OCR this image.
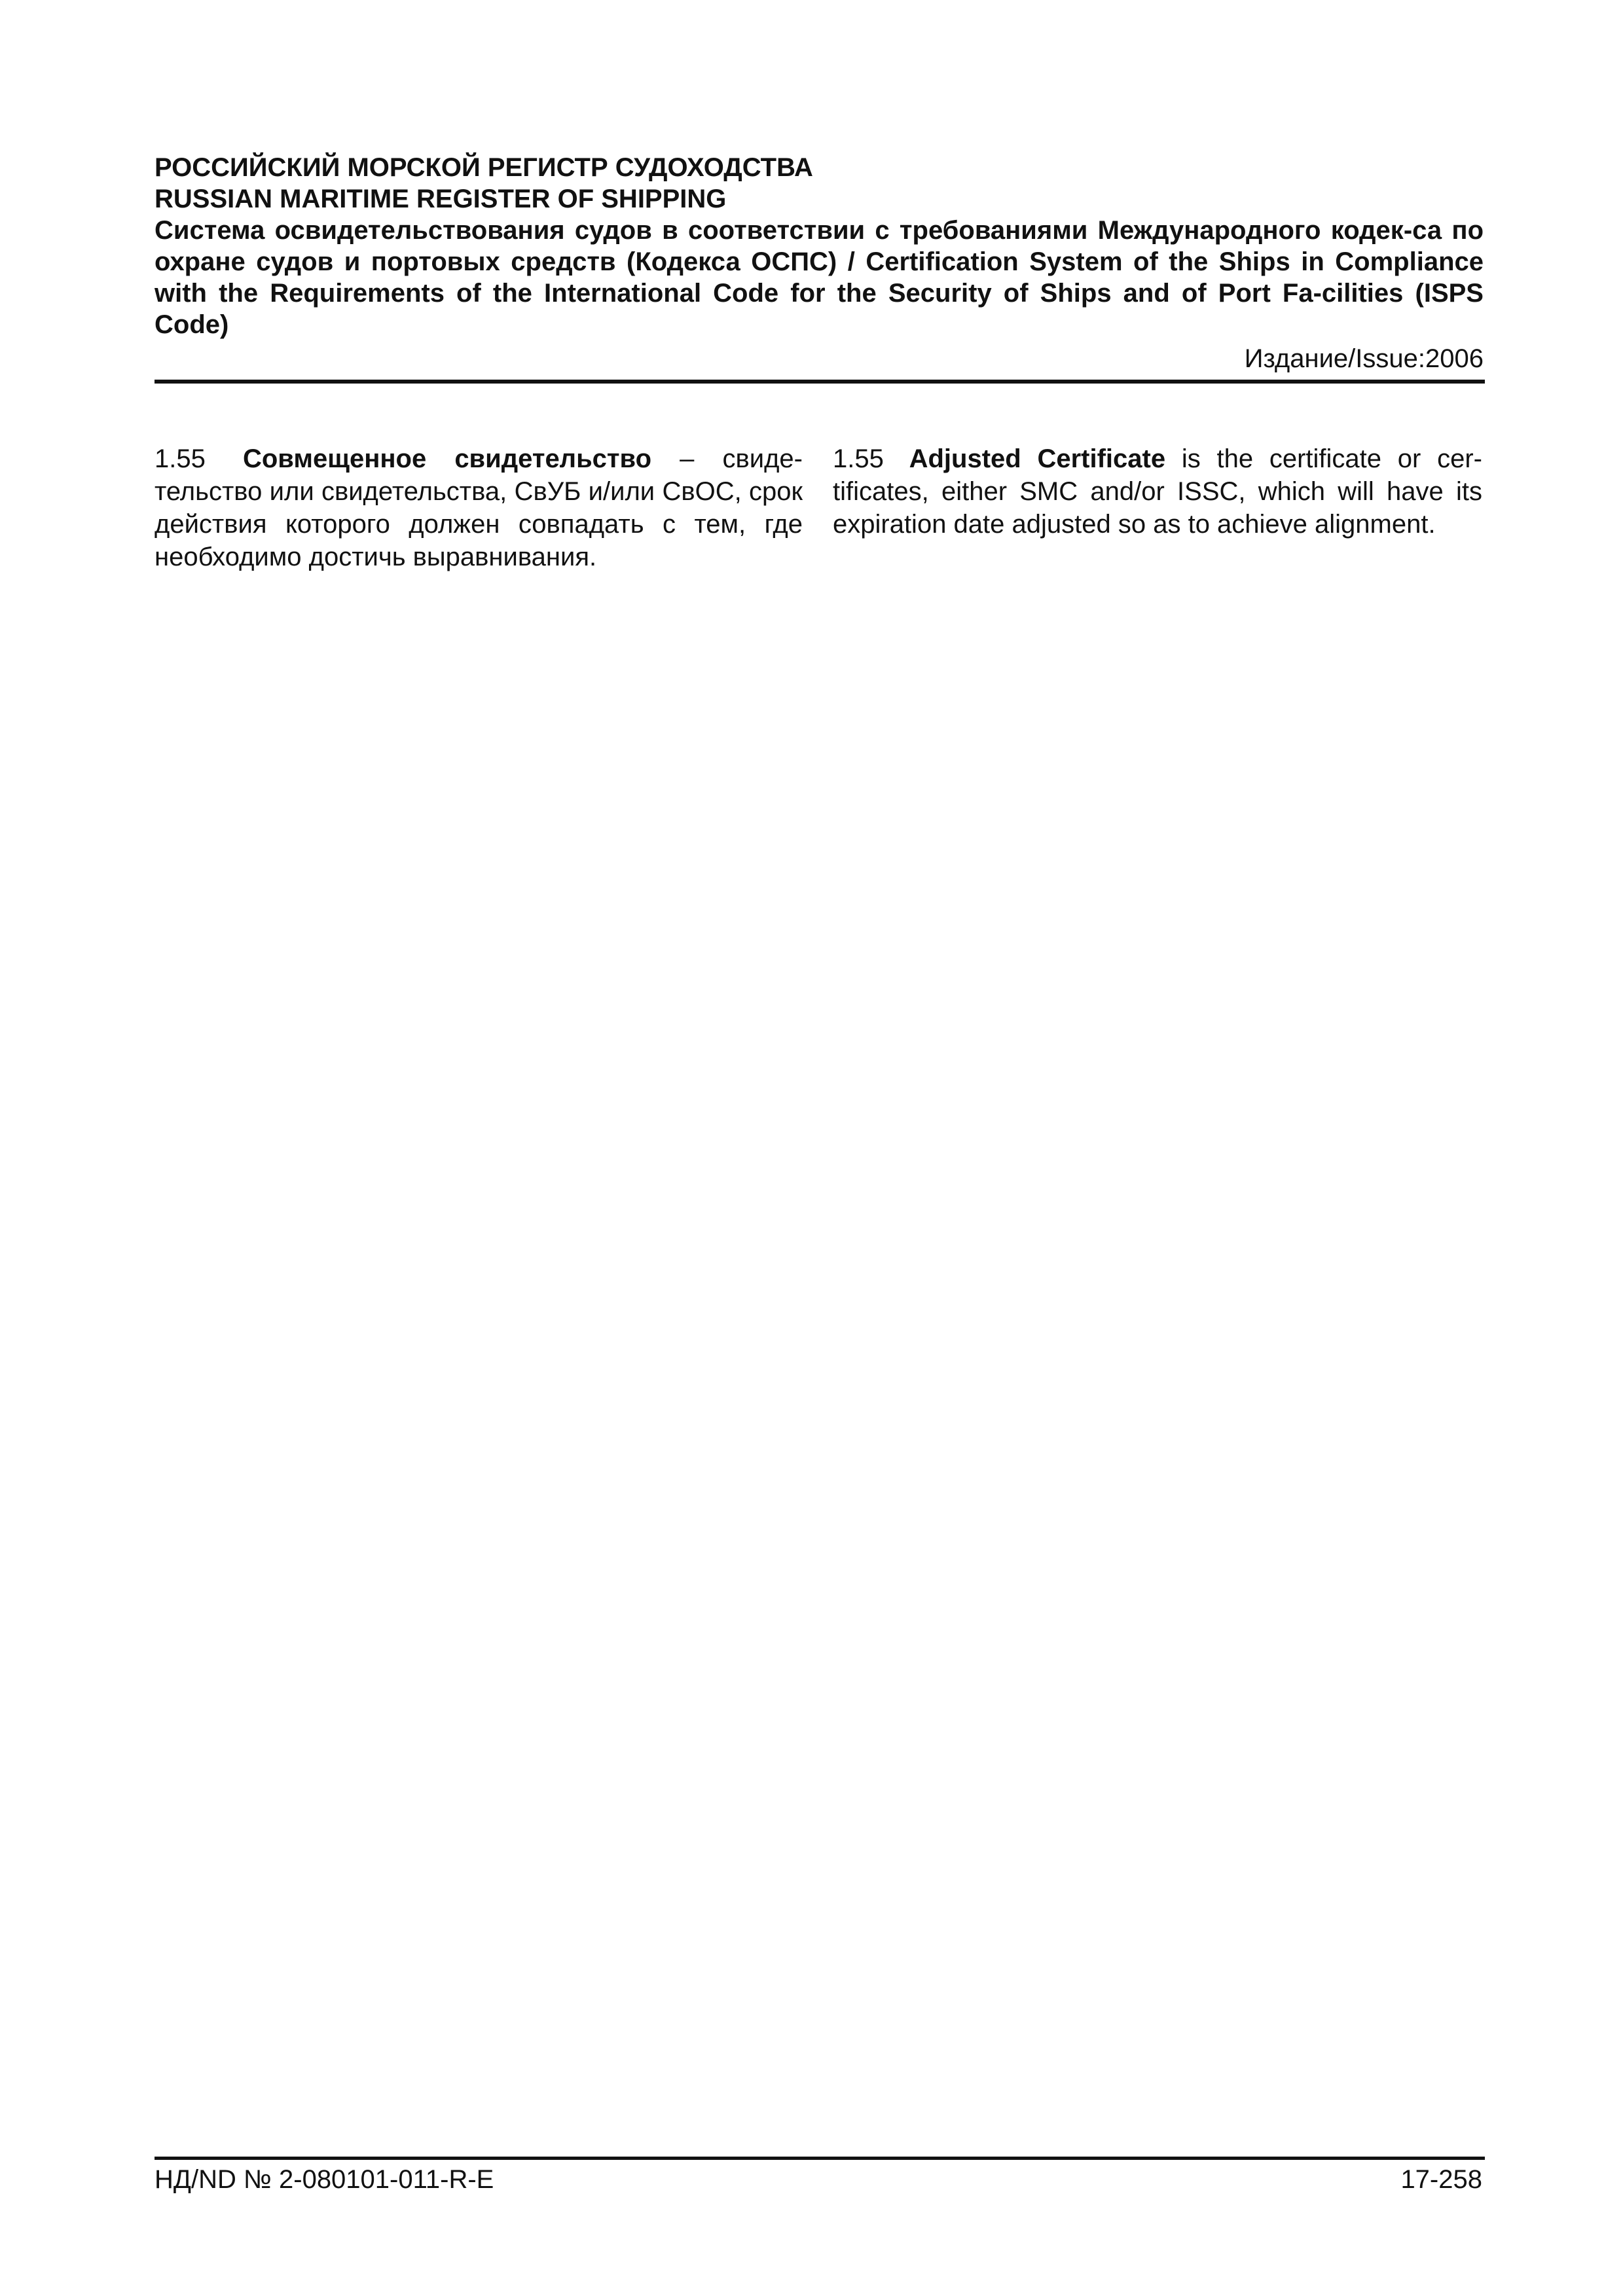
РОССИЙСКИЙ МОРСКОЙ РЕГИСТР СУДОХОДСТВА
RUSSIAN MARITIME REGISTER OF SHIPPING
Система освидетельствования судов в соответствии с требованиями Международного кодек-са по охране судов и портовых средств (Кодекса ОСПС) / Certification System of the Ships in Compliance with the Requirements of the International Code for the Security of Ships and of Port Fa-cilities (ISPS Code)
Издание/Issue:2006
1.55 Совмещенное свидетельство – свиде-тельство или свидетельства, СвУБ и/или СвОС, срок действия которого должен совпадать с тем, где необходимо достичь выравнивания.
1.55 Adjusted Certificate is the certificate or cer-tificates, either SMC and/or ISSC, which will have its expiration date adjusted so as to achieve alignment.
НД/ND № 2-080101-011-R-E	17-258
